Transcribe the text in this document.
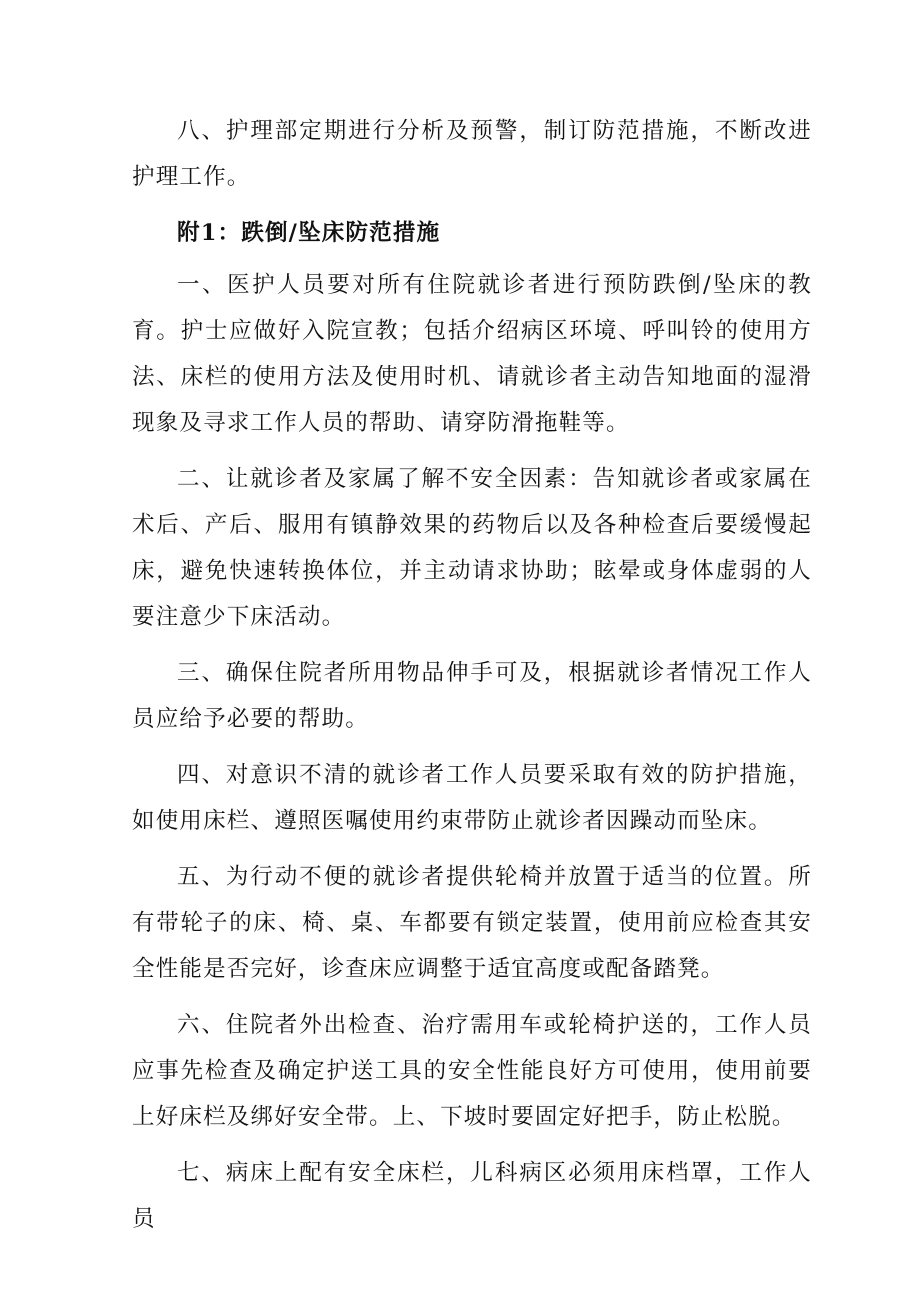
八、护理部定期进行分析及预警，制订防范措施，不断改进护理工作。

附1：跌倒/坠床防范措施

一、医护人员要对所有住院就诊者进行预防跌倒/坠床的教育。护士应做好入院宣教；包括介绍病区环境、呼叫铃的使用方法、床栏的使用方法及使用时机、请就诊者主动告知地面的湿滑现象及寻求工作人员的帮助、请穿防滑拖鞋等。

二、让就诊者及家属了解不安全因素：告知就诊者或家属在术后、产后、服用有镇静效果的药物后以及各种检查后要缓慢起床，避免快速转换体位，并主动请求协助；眩晕或身体虚弱的人要注意少下床活动。

三、确保住院者所用物品伸手可及，根据就诊者情况工作人员应给予必要的帮助。

四、对意识不清的就诊者工作人员要采取有效的防护措施，如使用床栏、遵照医嘱使用约束带防止就诊者因躁动而坠床。

五、为行动不便的就诊者提供轮椅并放置于适当的位置。所有带轮子的床、椅、桌、车都要有锁定装置，使用前应检查其安全性能是否完好，诊查床应调整于适宜高度或配备踏凳。

六、住院者外出检查、治疗需用车或轮椅护送的，工作人员应事先检查及确定护送工具的安全性能良好方可使用，使用前要上好床栏及绑好安全带。上、下坡时要固定好把手，防止松脱。

七、病床上配有安全床栏，儿科病区必须用床档罩，工作人员
